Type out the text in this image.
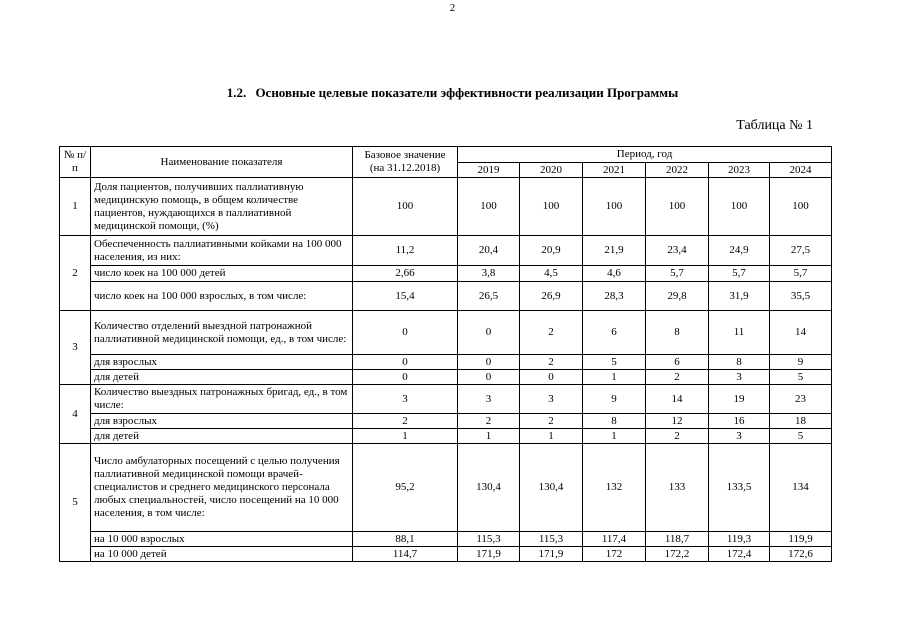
2
1.2. Основные целевые показатели эффективности реализации Программы
Таблица № 1
№ п/п	Наименование показателя	Базовое значение (на 31.12.2018)	Период, год					
			2019	2020	2021	2022	2023	2024
1	Доля пациентов, получивших паллиативную медицинскую помощь, в общем количестве пациентов, нуждающихся в паллиативной медицинской помощи, (%)	100	100	100	100	100	100	100
2	Обеспеченность паллиативными койками на 100 000 населения, из них:	11,2	20,4	20,9	21,9	23,4	24,9	27,5
	число коек на 100 000 детей	2,66	3,8	4,5	4,6	5,7	5,7	5,7
	число коек на 100 000 взрослых, в том числе:	15,4	26,5	26,9	28,3	29,8	31,9	35,5
3	Количество отделений выездной патронажной паллиативной медицинской помощи, ед., в том числе:	0	0	2	6	8	11	14
	для взрослых	0	0	2	5	6	8	9
	для детей	0	0	0	1	2	3	5
4	Количество выездных патронажных бригад, ед., в том числе:	3	3	3	9	14	19	23
	для взрослых	2	2	2	8	12	16	18
	для детей	1	1	1	1	2	3	5
5	Число амбулаторных посещений с целью получения паллиативной медицинской помощи врачей-специалистов и среднего медицинского персонала любых специальностей, число посещений на 10 000 населения, в том числе:	95,2	130,4	130,4	132	133	133,5	134
	на 10 000 взрослых	88,1	115,3	115,3	117,4	118,7	119,3	119,9
	на 10 000 детей	114,7	171,9	171,9	172	172,2	172,4	172,6
